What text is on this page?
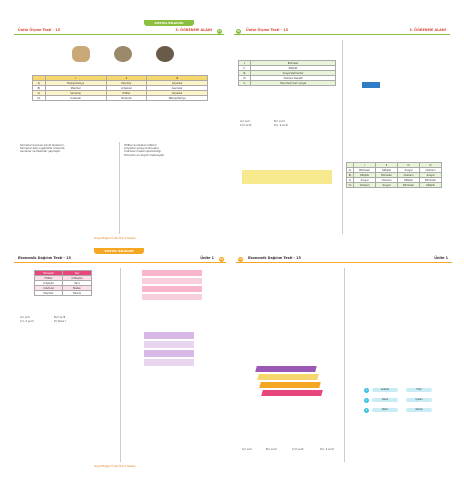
SOSYAL BİLGİLER
Ünite Ölçme Testi - 15	3. ÖĞRENME ALANI	67
	I	II	III
A)	Mezopotamya	Mısırlılar	Lidyalılar
B)	Mısırlılar	Lidyalılar	Asurlular
C)	Sümerler	Hititler	Lidyalılar
D)	Urartular	Sümerler	Mezopotamya
Sümerler bulunan kendi ölçülerini,
Sümerler eski uygarlıklar arasında
Asurlular ve Mısırlılar yapmıştır.
Hititler kurdukları kültürü
Lidyalılar parayı bulmuştur.
Urartular maden işlemeciliği
Dönemin en büyük medeniyeti
Sosyal Bilgiler Ünite Ölçme Testleri
Ünite Ölçme Testi - 15	3. ÖĞRENME ALANI
68
I.	Bölmeler
II.	Kâtiplik
III.	Sosyal Katmanlar
IV.	Osmanlı Devleti
V.	Hem ferdi hem sosyal
	I	II	III	IV
A)	Bölmeler	Kâtiplik	Sosyal	Osmanlı
B)	Kâtiplik	Bölmeler	Osmanlı	Sosyal
C)	Sosyal	Osmanlı	Kâtiplik	Bölmeler
D)	Osmanlı	Sosyal	Bölmeler	Kâtiplik
A) I ve II	B) I ve III
C) II ve III	D) I, II ve III
SOSYAL BİLGİLER
Ekonomik Dağılım Testi - 15	Ünite 1	69
Sümerler	Yazı
Hititler	Antlaşma
Lidyalılar	Para
Urartular	Maden
Mısırlılar	Takvim
A) I ve II	B) II ve III
C) I, II ve III	D) Yalnız I
Sosyal Bilgiler Ünite Ölçme Testleri
Ekonomik Dağılım Testi - 15	Ünite 1
70
1
2
3
Gökhan	Fırat
Deniz	Çoban
Nehir	Kemal
A) I ve II	B) I ve III	C) II ve III	D) I, II ve III
